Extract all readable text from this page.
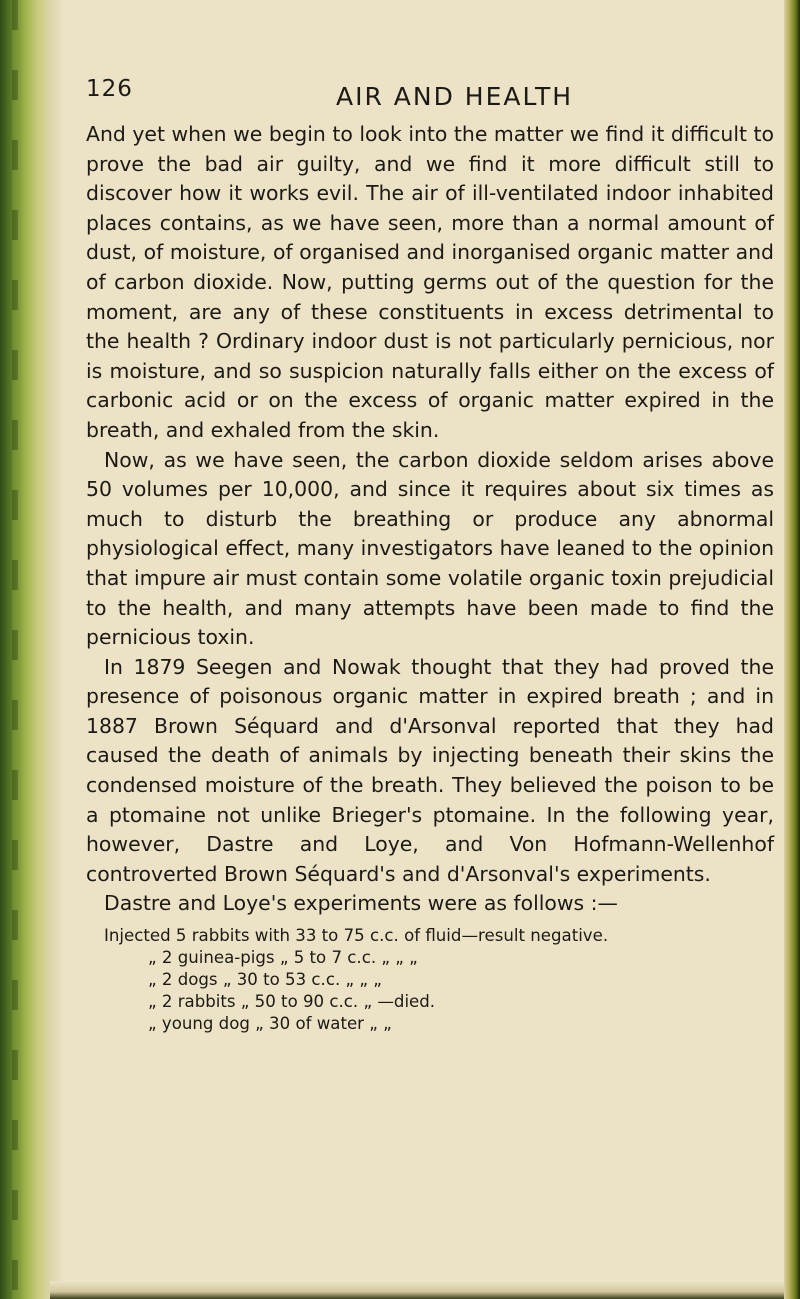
126	AIR AND HEALTH

And yet when we begin to look into the matter we find it difficult to prove the bad air guilty, and we find it more difficult still to discover how it works evil. The air of ill-ventilated indoor inhabited places contains, as we have seen, more than a normal amount of dust, of moisture, of organised and inorganised organic matter and of carbon dioxide. Now, putting germs out of the question for the moment, are any of these constituents in excess detrimental to the health ? Ordinary indoor dust is not particularly pernicious, nor is moisture, and so suspicion naturally falls either on the excess of carbonic acid or on the excess of organic matter expired in the breath, and exhaled from the skin.

Now, as we have seen, the carbon dioxide seldom arises above 50 volumes per 10,000, and since it requires about six times as much to disturb the breathing or produce any abnormal physiological effect, many investigators have leaned to the opinion that impure air must contain some volatile organic toxin prejudicial to the health, and many attempts have been made to find the pernicious toxin.

In 1879 Seegen and Nowak thought that they had proved the presence of poisonous organic matter in expired breath ; and in 1887 Brown Séquard and d'Arsonval reported that they had caused the death of animals by injecting beneath their skins the condensed moisture of the breath. They believed the poison to be a ptomaine not unlike Brieger's ptomaine. In the following year, however, Dastre and Loye, and Von Hofmann-Wellenhof controverted Brown Séquard's and d'Arsonval's experiments.

Dastre and Loye's experiments were as follows :—

Injected 5 rabbits with 33 to 75 c.c. of fluid—result negative.
„ 2 guinea-pigs „ 5 to 7 c.c. „ „ „
„ 2 dogs „ 30 to 53 c.c. „ „ „
„ 2 rabbits „ 50 to 90 c.c. „ —died.
„ young dog „ 30 of water „ „
